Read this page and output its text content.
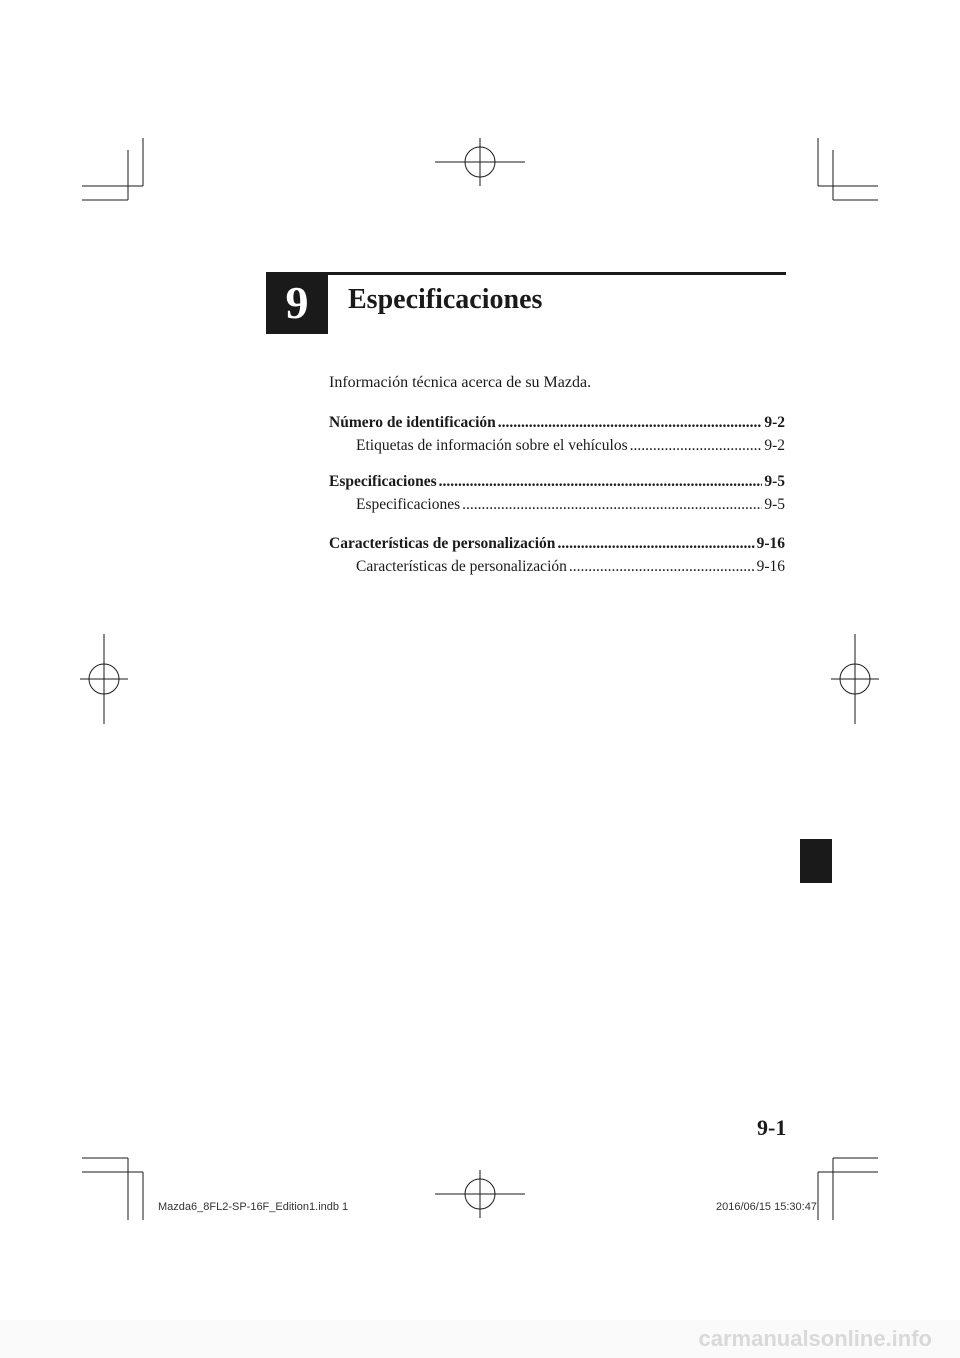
9	Especificaciones
Información técnica acerca de su Mazda.
Número de identificación .....	9-2
Etiquetas de información sobre el vehículos .....	9-2
Especificaciones .....	9-5
Especificaciones .....	9-5
Características de personalización .....	9-16
Características de personalización .....	9-16
9-1
Mazda6_8FL2-SP-16F_Edition1.indb 1	2016/06/15 15:30:47
carmanualsonline.info
